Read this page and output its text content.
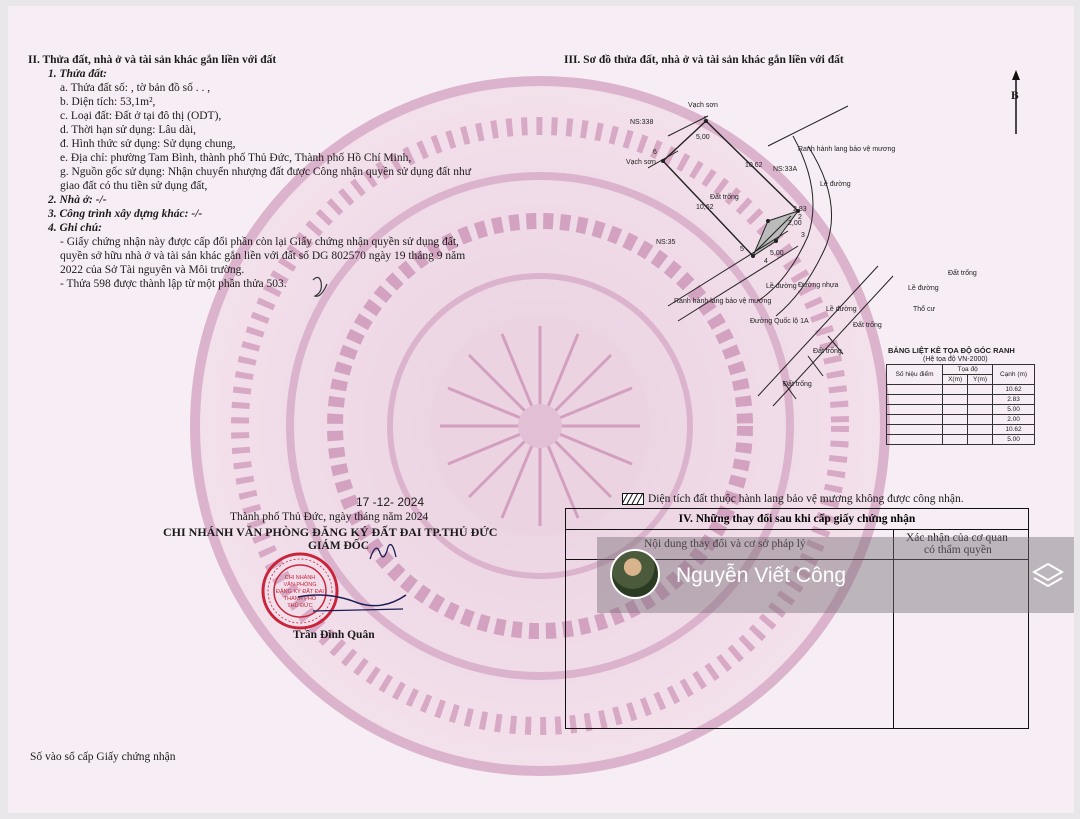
II. Thửa đất, nhà ở và tài sản khác gắn liền với đất
1. Thửa đất:
a. Thửa đất số: , tờ bản đồ số . . ,
b. Diện tích: 53,1m²,
c. Loại đất: Đất ở tại đô thị (ODT),
d. Thời hạn sử dụng: Lâu dài,
đ. Hình thức sử dụng: Sử dụng chung,
e. Địa chỉ: phường Tam Bình, thành phố Thủ Đức, Thành phố Hồ Chí Minh,
g. Nguồn gốc sử dụng: Nhận chuyển nhượng đất được Công nhận quyền sử dụng đất như
giao đất có thu tiền sử dụng đất,
2. Nhà ở: -/-
3. Công trình xây dựng khác: -/-
4. Ghi chú:
- Giấy chứng nhận này được cấp đổi phần còn lại Giấy chứng nhận quyền sử dụng đất,
quyền sở hữu nhà ở và tài sản khác gắn liền với đất số DG 802570 ngày 19 tháng 9 năm
2022 của Sở Tài nguyên và Môi trường.
- Thửa 598 được thành lập từ một phần thửa 503.
17 -12- 2024
Thành phố Thủ Đức, ngày tháng năm 2024
CHI NHÁNH VĂN PHÒNG ĐĂNG KÝ ĐẤT ĐAI TP.THỦ ĐỨC
GIÁM ĐỐC
Trần Đình Quân
CHI NHÁNH
VĂN PHÒNG
ĐĂNG KÝ ĐẤT ĐAI
THÀNH PHỐ
THỦ ĐỨC
Số vào sổ cấp Giấy chứng nhận
III. Sơ đồ thửa đất, nhà ở và tài sản khác gắn liền với đất
B
Vạch sơn
Vạch sơn
NS:338
NS:33A
NS:35
Đất trống
Đất trống
Đất trống
Đất trống
Đất trống
Lề đường
Lề đường	Lề đường
Lề đường	Thổ cư
Đường nhựa
Đường Quốc lộ 1A
Ranh hành lang bảo vệ mương
Ranh hành lang bảo vệ mương
5,00
10,62
10,62
5,00
2,83
2,00
1
2
3
4
5
6
BẢNG LIỆT KÊ TỌA ĐỘ GÓC RANH
(Hệ tọa độ VN-2000)
Số hiệu điểm	Tọa độ		Cạnh (m)
	X(m)	Y(m)	
			10.62
			2.83
			5.00
			2.00
			10.62
			5.00
Diện tích đất thuộc hành lang bảo vệ mương không được công nhận.
IV. Những thay đổi sau khi cấp giấy chứng nhận
Nội dung thay đổi và cơ sở pháp lý	Xác nhận của cơ quan
có thẩm quyền
Nguyễn Viết Công
